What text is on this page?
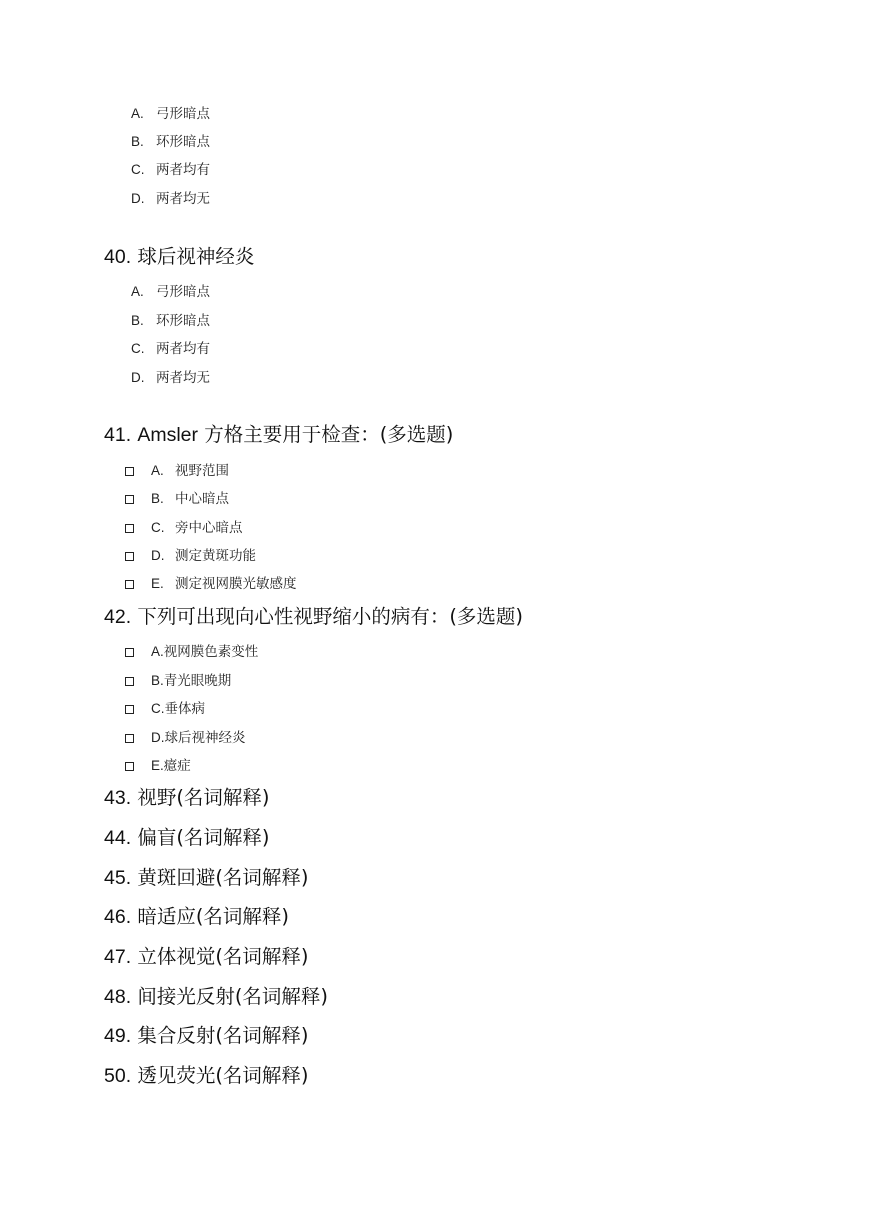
A. 弓形暗点
B. 环形暗点
C. 两者均有
D. 两者均无
40. 球后视神经炎
A. 弓形暗点
B. 环形暗点
C. 两者均有
D. 两者均无
41. Amsler 方格主要用于检查：(多选题)
A. 视野范围
B. 中心暗点
C. 旁中心暗点
D. 测定黄斑功能
E. 测定视网膜光敏感度
42. 下列可出现向心性视野缩小的病有：(多选题)
A. 视网膜色素变性
B. 青光眼晚期
C. 垂体病
D. 球后视神经炎
E. 癔症
43. 视野(名词解释)
44. 偏盲(名词解释)
45. 黄斑回避(名词解释)
46. 暗适应(名词解释)
47. 立体视觉(名词解释)
48. 间接光反射(名词解释)
49. 集合反射(名词解释)
50. 透见荧光(名词解释)
